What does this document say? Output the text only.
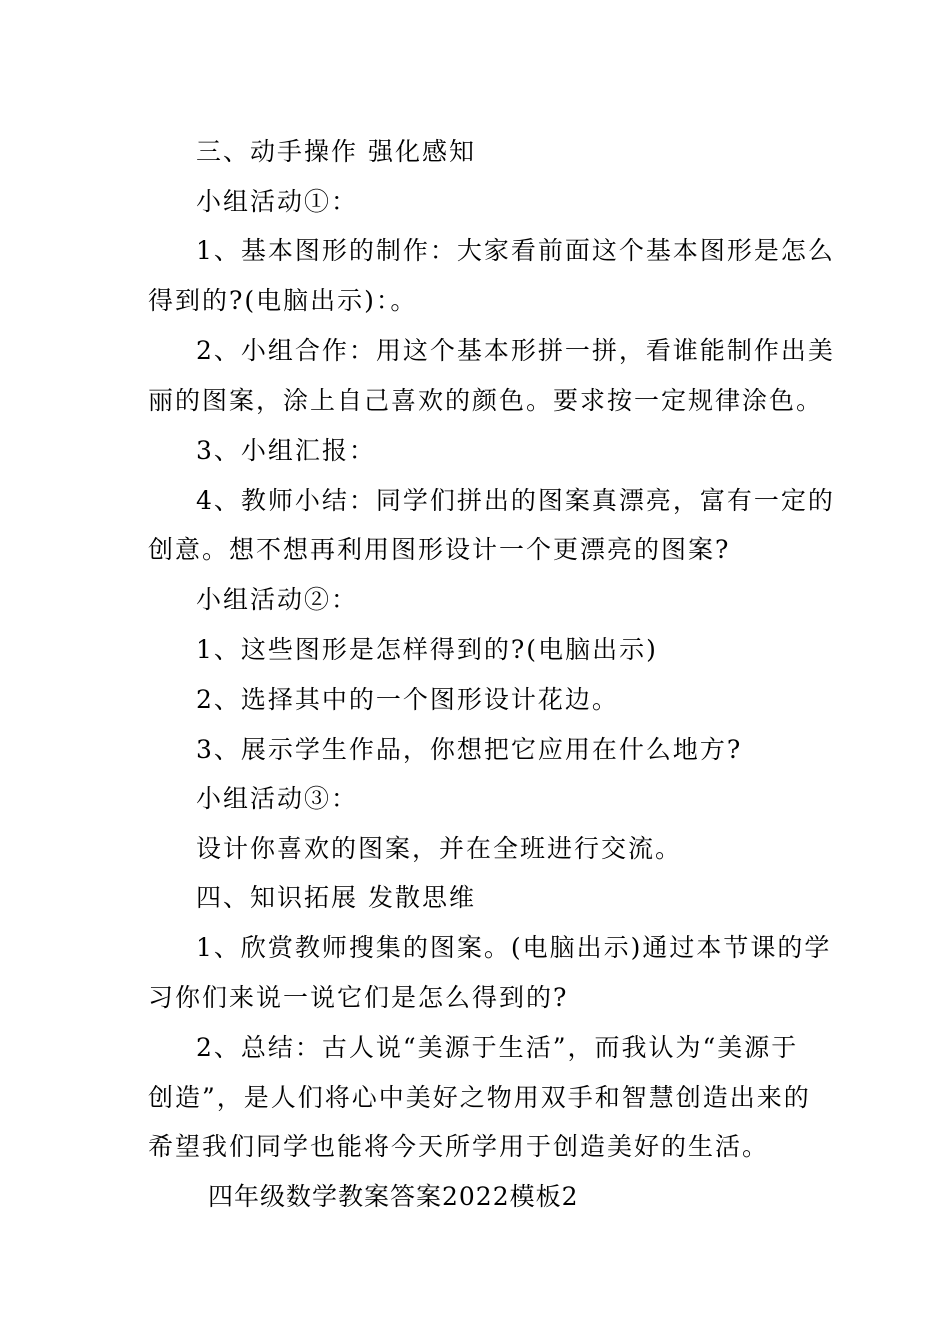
三、动手操作 强化感知
小组活动①：
1、基本图形的制作：大家看前面这个基本图形是怎么
得到的?(电脑出示)：。
2、小组合作：用这个基本形拼一拼，看谁能制作出美
丽的图案，涂上自己喜欢的颜色。要求按一定规律涂色。
3、小组汇报：
4、教师小结：同学们拼出的图案真漂亮，富有一定的
创意。想不想再利用图形设计一个更漂亮的图案?
小组活动②：
1、这些图形是怎样得到的?(电脑出示)
2、选择其中的一个图形设计花边。
3、展示学生作品，你想把它应用在什么地方?
小组活动③：
设计你喜欢的图案，并在全班进行交流。
四、知识拓展 发散思维
1、欣赏教师搜集的图案。(电脑出示)通过本节课的学
习你们来说一说它们是怎么得到的?
2、总结：古人说“美源于生活”，而我认为“美源于
创造”，是人们将心中美好之物用双手和智慧创造出来的
希望我们同学也能将今天所学用于创造美好的生活。
四年级数学教案答案2022模板2
